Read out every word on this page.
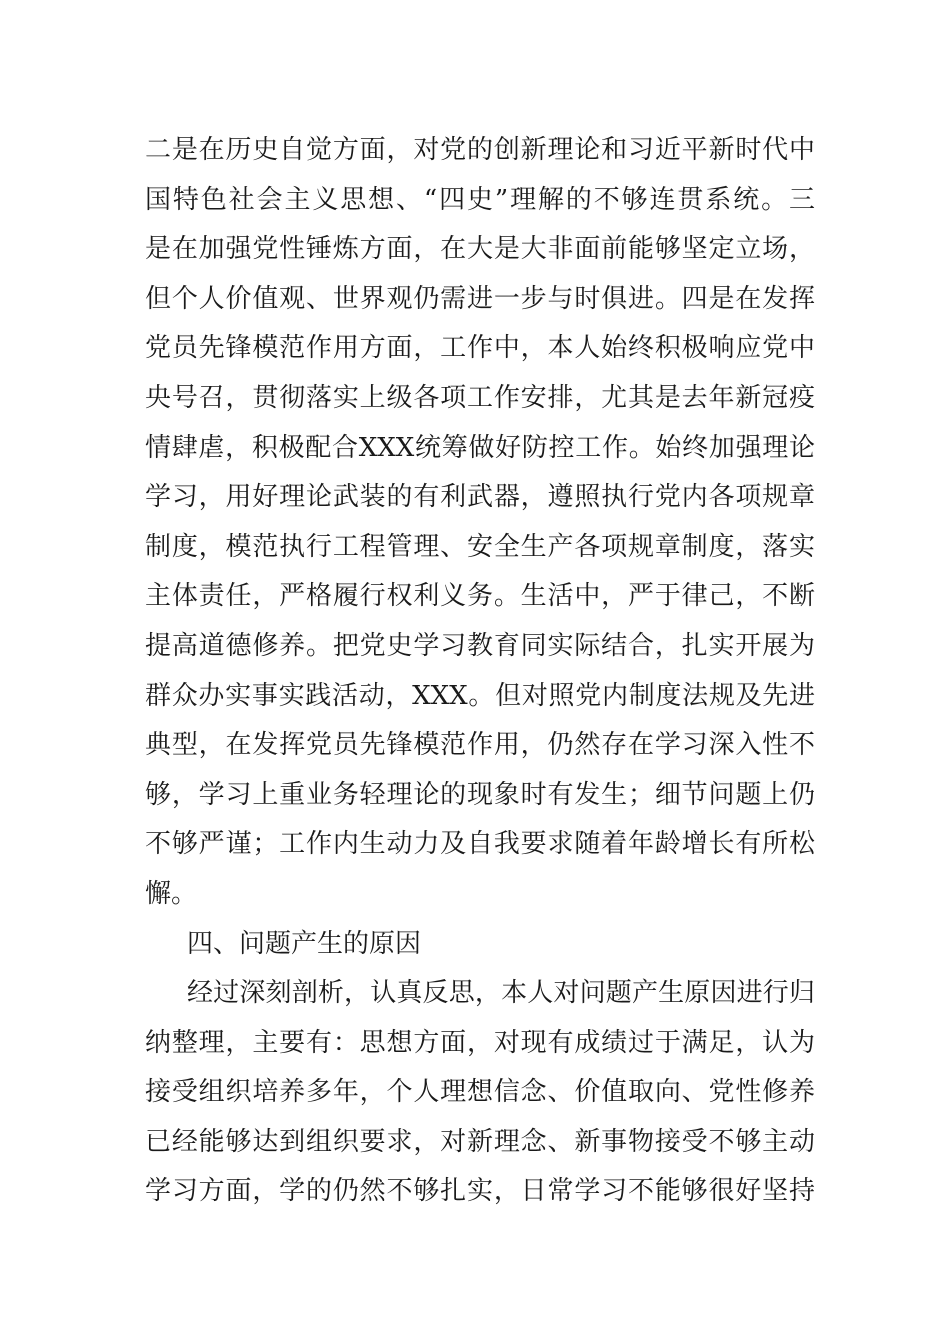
二是在历史自觉方面，对党的创新理论和习近平新时代中
国特色社会主义思想、“四史”理解的不够连贯系统。三
是在加强党性锤炼方面，在大是大非面前能够坚定立场，
但个人价值观、世界观仍需进一步与时俱进。四是在发挥
党员先锋模范作用方面，工作中，本人始终积极响应党中
央号召，贯彻落实上级各项工作安排，尤其是去年新冠疫
情肆虐，积极配合XXX统筹做好防控工作。始终加强理论
学习，用好理论武装的有利武器，遵照执行党内各项规章
制度，模范执行工程管理、安全生产各项规章制度，落实
主体责任，严格履行权利义务。生活中，严于律己，不断
提高道德修养。把党史学习教育同实际结合，扎实开展为
群众办实事实践活动，XXX。但对照党内制度法规及先进
典型，在发挥党员先锋模范作用，仍然存在学习深入性不
够，学习上重业务轻理论的现象时有发生；细节问题上仍
不够严谨；工作内生动力及自我要求随着年龄增长有所松
懈。
四、问题产生的原因
经过深刻剖析，认真反思，本人对问题产生原因进行归
纳整理，主要有：思想方面，对现有成绩过于满足，认为
接受组织培养多年，个人理想信念、价值取向、党性修养
已经能够达到组织要求，对新理念、新事物接受不够主动
学习方面，学的仍然不够扎实，日常学习不能够很好坚持
